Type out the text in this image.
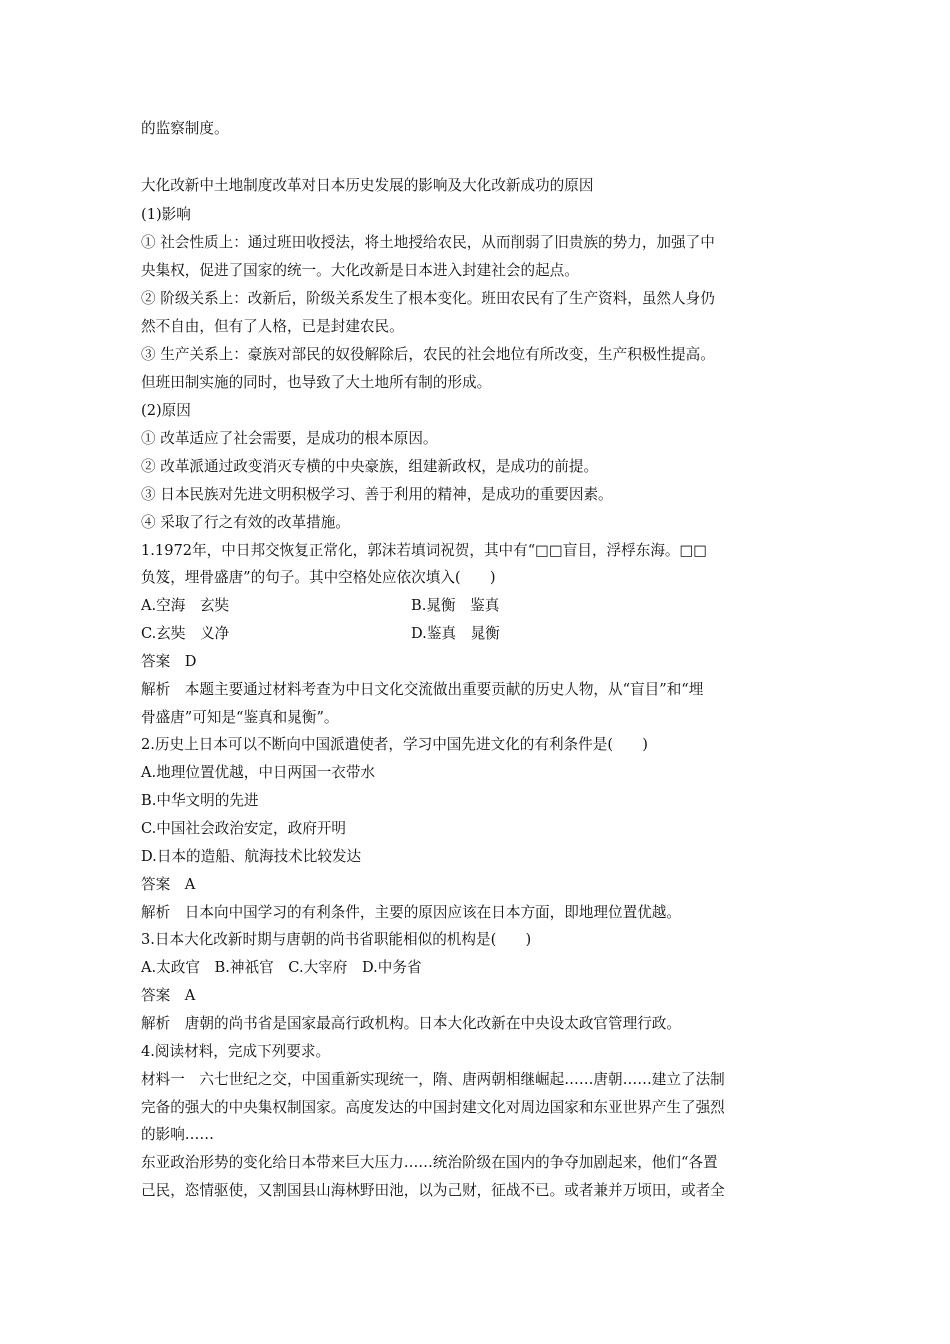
的监察制度。
大化改新中土地制度改革对日本历史发展的影响及大化改新成功的原因
(1)影响
① 社会性质上：通过班田收授法，将土地授给农民，从而削弱了旧贵族的势力，加强了中
央集权，促进了国家的统一。大化改新是日本进入封建社会的起点。
② 阶级关系上：改新后，阶级关系发生了根本变化。班田农民有了生产资料，虽然人身仍
然不自由，但有了人格，已是封建农民。
③ 生产关系上：豪族对部民的奴役解除后，农民的社会地位有所改变，生产积极性提高。
但班田制实施的同时，也导致了大土地所有制的形成。
(2)原因
① 改革适应了社会需要，是成功的根本原因。
② 改革派通过政变消灭专横的中央豪族，组建新政权，是成功的前提。
③ 日本民族对先进文明积极学习、善于利用的精神，是成功的重要因素。
④ 采取了行之有效的改革措施。
1.1972年，中日邦交恢复正常化，郭沫若填词祝贺，其中有“□□盲目，浮桴东海。□□
负笈，埋骨盛唐”的句子。其中空格处应依次填入(　　)
A.空海　玄奘	B.晁衡　鉴真
C.玄奘　义净	D.鉴真　晁衡
答案　D
解析　本题主要通过材料考查为中日文化交流做出重要贡献的历史人物，从“盲目”和“埋
骨盛唐”可知是“鉴真和晁衡”。
2.历史上日本可以不断向中国派遣使者，学习中国先进文化的有利条件是(　　)
A.地理位置优越，中日两国一衣带水
B.中华文明的先进
C.中国社会政治安定，政府开明
D.日本的造船、航海技术比较发达
答案　A
解析　日本向中国学习的有利条件，主要的原因应该在日本方面，即地理位置优越。
3.日本大化改新时期与唐朝的尚书省职能相似的机构是(　　)
A.太政官　B.神祇官　C.大宰府　D.中务省
答案　A
解析　唐朝的尚书省是国家最高行政机构。日本大化改新在中央设太政官管理行政。
4.阅读材料，完成下列要求。
材料一　六七世纪之交，中国重新实现统一，隋、唐两朝相继崛起……唐朝……建立了法制
完备的强大的中央集权制国家。高度发达的中国封建文化对周边国家和东亚世界产生了强烈
的影响……
东亚政治形势的变化给日本带来巨大压力……统治阶级在国内的争夺加剧起来，他们“各置
己民，恣情驱使，又割国县山海林野田池，以为己财，征战不已。或者兼并万顷田，或者全
